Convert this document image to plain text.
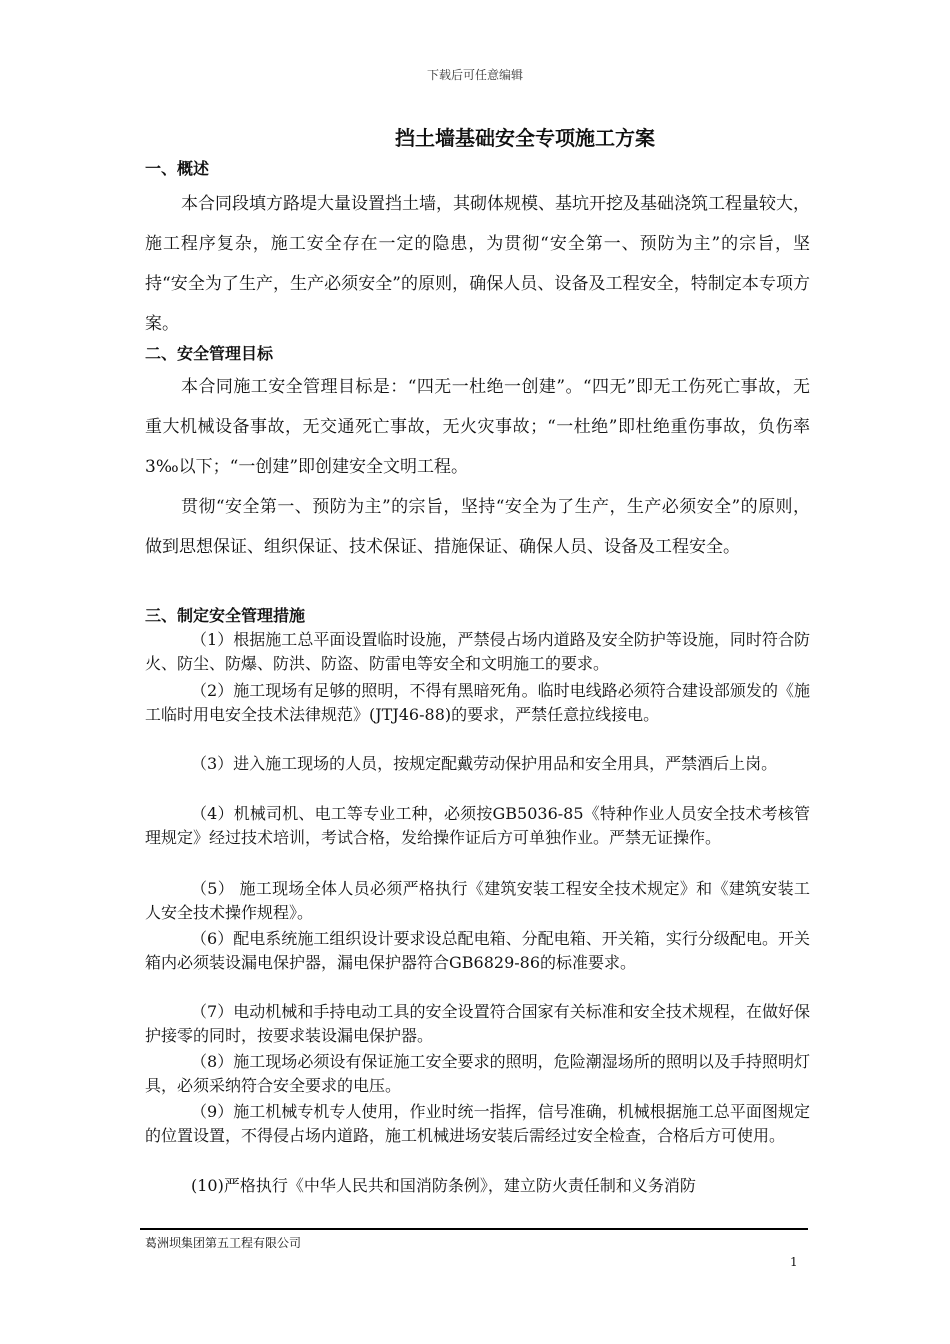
下载后可任意编辑
挡土墙基础安全专项施工方案
一、概述
本合同段填方路堤大量设置挡土墙，其砌体规模、基坑开挖及基础浇筑工程量较大，施工程序复杂，施工安全存在一定的隐患，为贯彻“安全第一、预防为主”的宗旨，坚持“安全为了生产，生产必须安全”的原则，确保人员、设备及工程安全，特制定本专项方案。
二、安全管理目标
本合同施工安全管理目标是：“四无一杜绝一创建”。“四无”即无工伤死亡事故，无重大机械设备事故，无交通死亡事故，无火灾事故；“一杜绝”即杜绝重伤事故，负伤率3‰以下；“一创建”即创建安全文明工程。
贯彻“安全第一、预防为主”的宗旨，坚持“安全为了生产，生产必须安全”的原则，做到思想保证、组织保证、技术保证、措施保证、确保人员、设备及工程安全。
三、制定安全管理措施
（1）根据施工总平面设置临时设施，严禁侵占场内道路及安全防护等设施，同时符合防火、防尘、防爆、防洪、防盗、防雷电等安全和文明施工的要求。
（2）施工现场有足够的照明，不得有黑暗死角。临时电线路必须符合建设部颁发的《施工临时用电安全技术法律规范》(JTJ46-88)的要求，严禁任意拉线接电。
（3）进入施工现场的人员，按规定配戴劳动保护用品和安全用具，严禁酒后上岗。
（4）机械司机、电工等专业工种，必须按GB5036-85《特种作业人员安全技术考核管理规定》经过技术培训，考试合格，发给操作证后方可单独作业。严禁无证操作。
（5） 施工现场全体人员必须严格执行《建筑安装工程安全技术规定》和《建筑安装工人安全技术操作规程》。
（6）配电系统施工组织设计要求设总配电箱、分配电箱、开关箱，实行分级配电。开关箱内必须装设漏电保护器，漏电保护器符合GB6829-86的标准要求。
（7）电动机械和手持电动工具的安全设置符合国家有关标准和安全技术规程，在做好保护接零的同时，按要求装设漏电保护器。
（8）施工现场必须设有保证施工安全要求的照明，危险潮湿场所的照明以及手持照明灯具，必须采纳符合安全要求的电压。
（9）施工机械专机专人使用，作业时统一指挥，信号准确，机械根据施工总平面图规定的位置设置，不得侵占场内道路，施工机械进场安装后需经过安全检查，合格后方可使用。
(10)严格执行《中华人民共和国消防条例》，建立防火责任制和义务消防
葛洲坝集团第五工程有限公司
1
